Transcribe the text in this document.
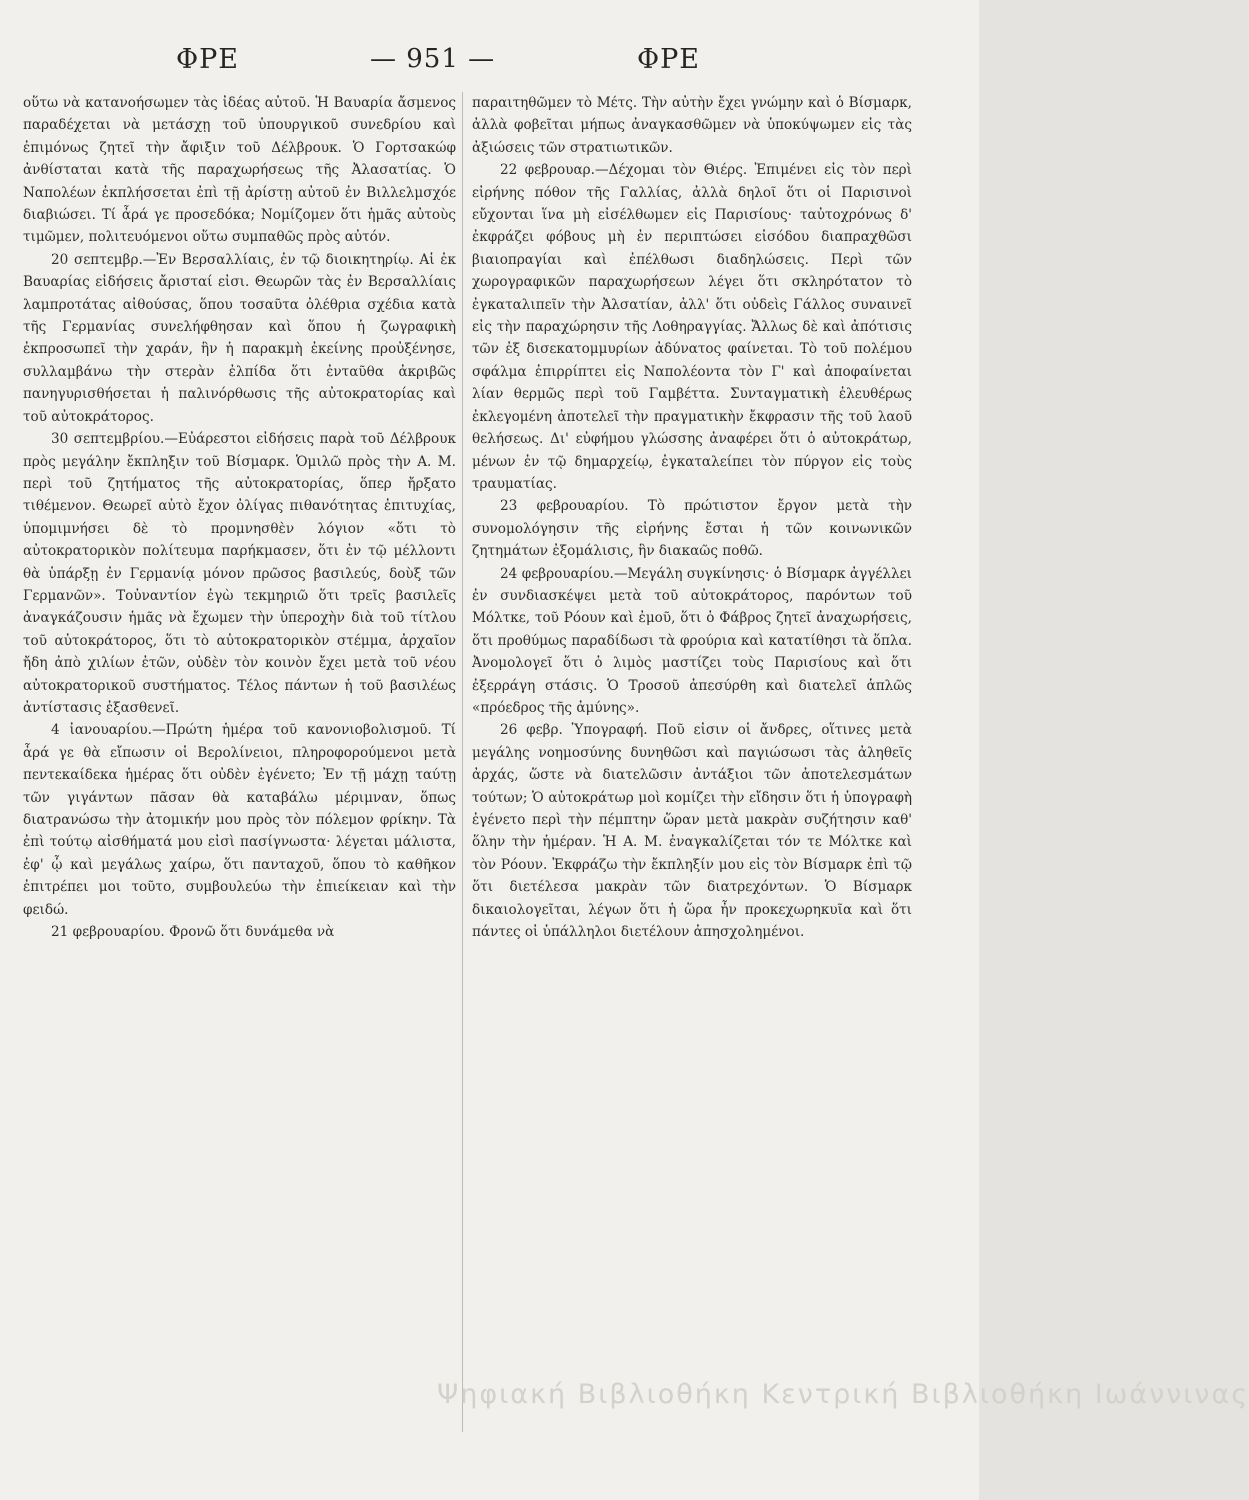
ΦΡΕ	— 951 —	ΦΡΕ

οὕτω νὰ κατανοήσωμεν τὰς ἰδέας αὐτοῦ. Ἡ Βαυαρία ἄσμενος παραδέχεται νὰ μετάσχῃ τοῦ ὑπουργικοῦ συνεδρίου καὶ ἐπιμόνως ζητεῖ τὴν ἄφιξιν τοῦ Δέλβρουκ. Ὁ Γορτσακώφ ἀνθίσταται κατὰ τῆς παραχωρήσεως τῆς Ἀλασατίας. Ὁ Ναπολέων ἐκπλήσσεται ἐπὶ τῇ ἀρίστῃ αὐτοῦ ἐν Βιλλελμσχόε διαβιώσει. Τί ἆρά γε προσεδόκα; Νομίζομεν ὅτι ἡμᾶς αὐτοὺς τιμῶμεν, πολιτευόμενοι οὕτω συμπαθῶς πρὸς αὐτόν.

20 σεπτεμβρ.—Ἐν Βερσαλλίαις, ἐν τῷ διοικητηρίῳ. Αἱ ἐκ Βαυαρίας εἰδήσεις ἄρισταί εἰσι. Θεωρῶν τὰς ἐν Βερσαλλίαις λαμπροτάτας αἰθούσας, ὅπου τοσαῦτα ὀλέθρια σχέδια κατὰ τῆς Γερμανίας συνελήφθησαν καὶ ὅπου ἡ ζωγραφικὴ ἐκπροσωπεῖ τὴν χαράν, ἣν ἡ παρακμὴ ἐκείνης προὐξένησε, συλλαμβάνω τὴν στερὰν ἐλπίδα ὅτι ἐνταῦθα ἀκριβῶς πανηγυρισθήσεται ἡ παλινόρθωσις τῆς αὐτοκρατορίας καὶ τοῦ αὐτοκράτορος.

30 σεπτεμβρίου.—Εὐάρεστοι εἰδήσεις παρὰ τοῦ Δέλβρουκ πρὸς μεγάλην ἔκπληξιν τοῦ Βίσμαρκ. Ὁμιλῶ πρὸς τὴν Α. Μ. περὶ τοῦ ζητήματος τῆς αὐτοκρατορίας, ὅπερ ἤρξατο τιθέμενον. Θεωρεῖ αὐτὸ ἔχον ὀλίγας πιθανότητας ἐπιτυχίας, ὑπομιμνήσει δὲ τὸ προμνησθὲν λόγιον «ὅτι τὸ αὐτοκρατορικὸν πολίτευμα παρήκμασεν, ὅτι ἐν τῷ μέλλοντι θὰ ὑπάρξῃ ἐν Γερμανίᾳ μόνον πρῶσος βασιλεύς, δοὺξ τῶν Γερμανῶν». Τοὐναντίον ἐγὼ τεκμηριῶ ὅτι τρεῖς βασιλεῖς ἀναγκάζουσιν ἡμᾶς νὰ ἔχωμεν τὴν ὑπεροχὴν διὰ τοῦ τίτλου τοῦ αὐτοκράτορος, ὅτι τὸ αὐτοκρατορικὸν στέμμα, ἀρχαῖον ἤδη ἀπὸ χιλίων ἐτῶν, οὐδὲν τὸν κοινὸν ἔχει μετὰ τοῦ νέου αὐτοκρατορικοῦ συστήματος. Τέλος πάντων ἡ τοῦ βασιλέως ἀντίστασις ἐξασθενεῖ.

4 ἰανουαρίου.—Πρώτη ἡμέρα τοῦ κανονιοβολισμοῦ. Τί ἆρά γε θὰ εἴπωσιν οἱ Βερολίνειοι, πληροφορούμενοι μετὰ πεντεκαίδεκα ἡμέρας ὅτι οὐδὲν ἐγένετο; Ἐν τῇ μάχῃ ταύτῃ τῶν γιγάντων πᾶσαν θὰ καταβάλω μέριμναν, ὅπως διατρανώσω τὴν ἀτομικήν μου πρὸς τὸν πόλεμον φρίκην. Τὰ ἐπὶ τούτῳ αἰσθήματά μου εἰσὶ πασίγνωστα· λέγεται μάλιστα, ἐφ' ᾧ καὶ μεγάλως χαίρω, ὅτι πανταχοῦ, ὅπου τὸ καθῆκον ἐπιτρέπει μοι τοῦτο, συμβουλεύω τὴν ἐπιείκειαν καὶ τὴν φειδώ.

21 φεβρουαρίου. Φρονῶ ὅτι δυνάμεθα νὰ

παραιτηθῶμεν τὸ Μέτς. Τὴν αὐτὴν ἔχει γνώμην καὶ ὁ Βίσμαρκ, ἀλλὰ φοβεῖται μήπως ἀναγκασθῶμεν νὰ ὑποκύψωμεν εἰς τὰς ἀξιώσεις τῶν στρατιωτικῶν.

22 φεβρουαρ.—Δέχομαι τὸν Θιέρς. Ἐπιμένει εἰς τὸν περὶ εἰρήνης πόθον τῆς Γαλλίας, ἀλλὰ δηλοῖ ὅτι οἱ Παρισινοὶ εὔχονται ἵνα μὴ εἰσέλθωμεν εἰς Παρισίους· ταὐτοχρόνως δ' ἐκφράζει φόβους μὴ ἐν περιπτώσει εἰσόδου διαπραχθῶσι βιαιοπραγίαι καὶ ἐπέλθωσι διαδηλώσεις. Περὶ τῶν χωρογραφικῶν παραχωρήσεων λέγει ὅτι σκληρότατον τὸ ἐγκαταλιπεῖν τὴν Ἀλσατίαν, ἀλλ' ὅτι οὐδεὶς Γάλλος συναινεῖ εἰς τὴν παραχώρησιν τῆς Λοθηραγγίας. Ἄλλως δὲ καὶ ἀπότισις τῶν ἐξ δισεκατομμυρίων ἀδύνατος φαίνεται. Τὸ τοῦ πολέμου σφάλμα ἐπιρρίπτει εἰς Ναπολέοντα τὸν Γ' καὶ ἀποφαίνεται λίαν θερμῶς περὶ τοῦ Γαμβέττα. Συνταγματικὴ ἐλευθέρως ἐκλεγομένη ἀποτελεῖ τὴν πραγματικὴν ἔκφρασιν τῆς τοῦ λαοῦ θελήσεως. Δι' εὐφήμου γλώσσης ἀναφέρει ὅτι ὁ αὐτοκράτωρ, μένων ἐν τῷ δημαρχείῳ, ἐγκαταλείπει τὸν πύργον εἰς τοὺς τραυματίας.

23 φεβρουαρίου. Τὸ πρώτιστον ἔργον μετὰ τὴν συνομολόγησιν τῆς εἰρήνης ἔσται ἡ τῶν κοινωνικῶν ζητημάτων ἐξομάλισις, ἣν διακαῶς ποθῶ.

24 φεβρουαρίου.—Μεγάλη συγκίνησις· ὁ Βίσμαρκ ἀγγέλλει ἐν συνδιασκέψει μετὰ τοῦ αὐτοκράτορος, παρόντων τοῦ Μόλτκε, τοῦ Ρόουν καὶ ἐμοῦ, ὅτι ὁ Φάβρος ζητεῖ ἀναχωρήσεις, ὅτι προθύμως παραδίδωσι τὰ φρούρια καὶ κατατίθησι τὰ ὅπλα. Ἀνομολογεῖ ὅτι ὁ λιμὸς μαστίζει τοὺς Παρισίους καὶ ὅτι ἐξερράγη στάσις. Ὁ Τροσοῦ ἀπεσύρθη καὶ διατελεῖ ἁπλῶς «πρόεδρος τῆς ἀμύνης».

26 φεβρ. Ὑπογραφή. Ποῦ εἰσιν οἱ ἄνδρες, οἵτινες μετὰ μεγάλης νοημοσύνης δυνηθῶσι καὶ παγιώσωσι τὰς ἀληθεῖς ἀρχάς, ὥστε νὰ διατελῶσιν ἀντάξιοι τῶν ἀποτελεσμάτων τούτων; Ὁ αὐτοκράτωρ μοὶ κομίζει τὴν εἴδησιν ὅτι ἡ ὑπογραφὴ ἐγένετο περὶ τὴν πέμπτην ὥραν μετὰ μακρὰν συζήτησιν καθ' ὅλην τὴν ἡμέραν. Ἡ Α. Μ. ἐναγκαλίζεται τόν τε Μόλτκε καὶ τὸν Ρόουν. Ἐκφράζω τὴν ἔκπληξίν μου εἰς τὸν Βίσμαρκ ἐπὶ τῷ ὅτι διετέλεσα μακρὰν τῶν διατρεχόντων. Ὁ Βίσμαρκ δικαιολογεῖται, λέγων ὅτι ἡ ὥρα ἦν προκεχωρηκυῖα καὶ ὅτι πάντες οἱ ὑπάλληλοι διετέλουν ἀπησχολημένοι.

Ψηφιακή Βιβλιοθήκη Κεντρική Βιβλιοθήκη Ιωάννινας
